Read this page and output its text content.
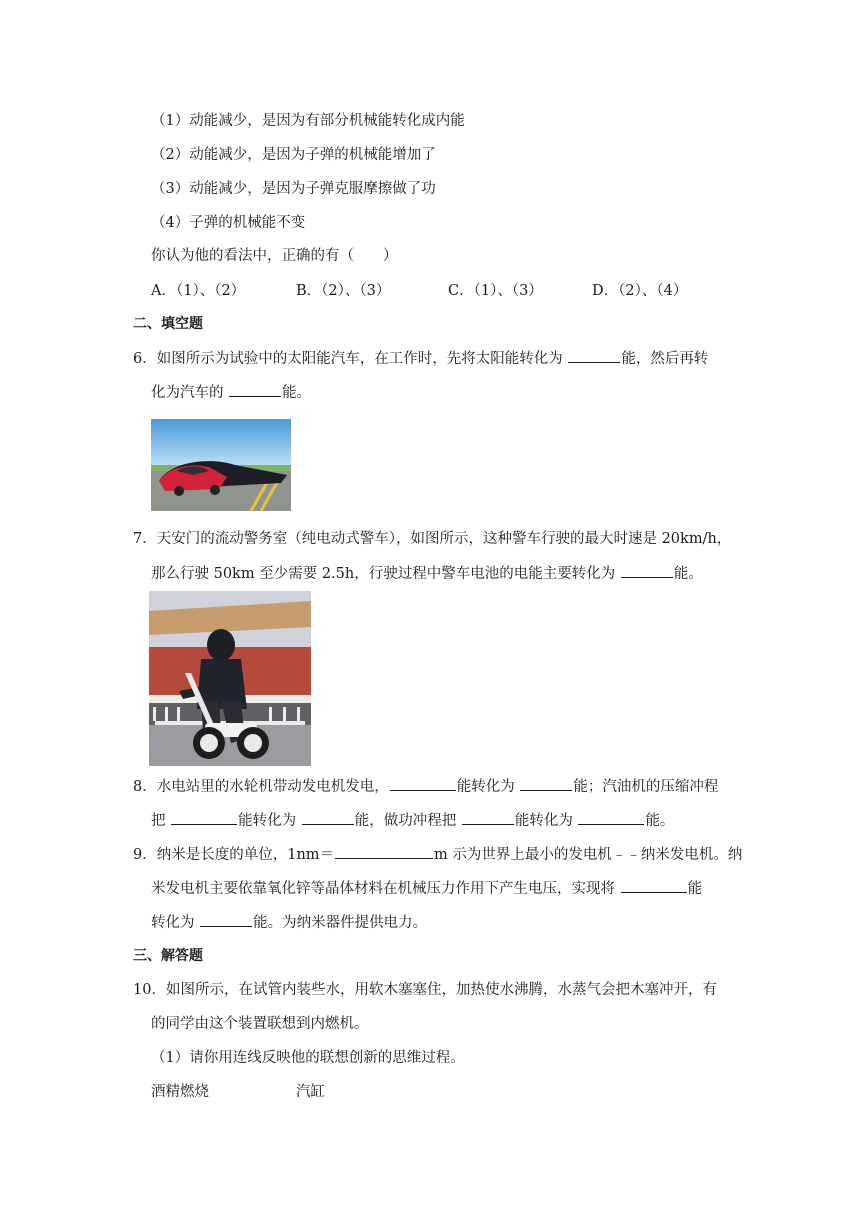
（1）动能减少，是因为有部分机械能转化成内能
（2）动能减少，是因为子弹的机械能增加了
（3）动能减少，是因为子弹克服摩擦做了功
（4）子弹的机械能不变
你认为他的看法中，正确的有（　　）
A．（1）、（2）	B．（2）、（3）	C．（1）、（3）	D．（2）、（4）
二、填空题
6．如图所示为试验中的太阳能汽车，在工作时，先将太阳能转化为	能，然后再转
化为汽车的	能。
7．天安门的流动警务室（纯电动式警车），如图所示，这种警车行驶的最大时速是 20km/h，
那么行驶 50km 至少需要 2.5h，行驶过程中警车电池的电能主要转化为	能。
8．水电站里的水轮机带动发电机发电，	能转化为	能；汽油机的压缩冲程
把	能转化为	能，做功冲程把	能转化为	能。
9．纳米是长度的单位，1nm＝	m 示为世界上最小的发电机﹣﹣纳米发电机。纳
米发电机主要依靠氧化锌等晶体材料在机械压力作用下产生电压，实现将	能
转化为	能。为纳米器件提供电力。
三、解答题
10．如图所示，在试管内装些水，用软木塞塞住，加热使水沸腾，水蒸气会把木塞冲开，有
的同学由这个装置联想到内燃机。
（1）请你用连线反映他的联想创新的思维过程。
酒精燃烧	汽缸
